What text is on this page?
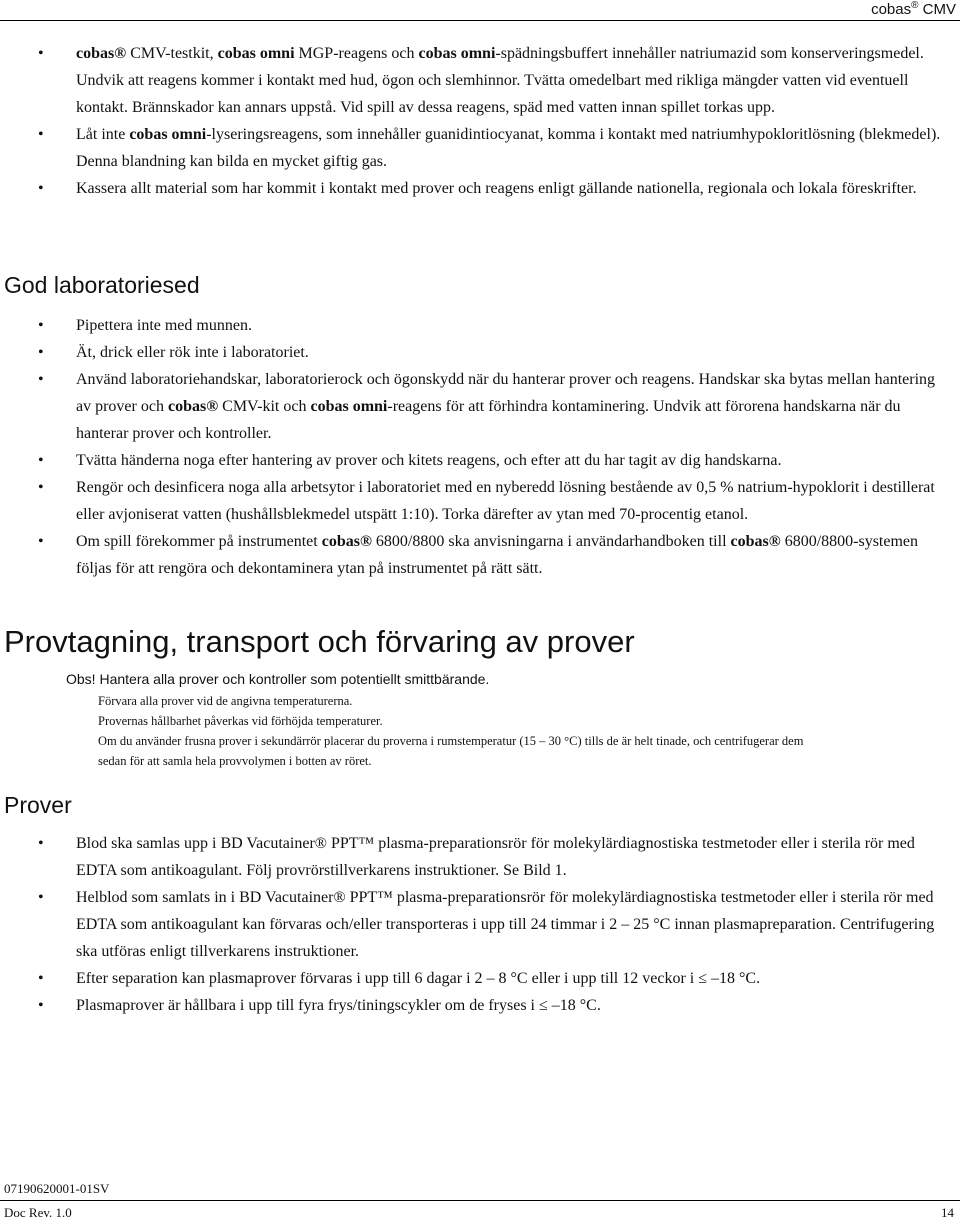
cobas® CMV
• cobas® CMV-testkit, cobas omni MGP-reagens och cobas omni-spädningsbuffert innehåller natriumazid som konserveringsmedel. Undvik att reagens kommer i kontakt med hud, ögon och slemhinnor. Tvätta omedelbart med rikliga mängder vatten vid eventuell kontakt. Brännskador kan annars uppstå. Vid spill av dessa reagens, späd med vatten innan spillet torkas upp.
• Låt inte cobas omni-lyseringsreagens, som innehåller guanidintiocyanat, komma i kontakt med natriumhypokloritlösning (blekmedel). Denna blandning kan bilda en mycket giftig gas.
• Kassera allt material som har kommit i kontakt med prover och reagens enligt gällande nationella, regionala och lokala föreskrifter.
God laboratoriesed
• Pipettera inte med munnen.
• Ät, drick eller rök inte i laboratoriet.
• Använd laboratoriehandskar, laboratorierock och ögonskydd när du hanterar prover och reagens. Handskar ska bytas mellan hantering av prover och cobas® CMV-kit och cobas omni-reagens för att förhindra kontaminering. Undvik att förorena handskarna när du hanterar prover och kontroller.
• Tvätta händerna noga efter hantering av prover och kitets reagens, och efter att du har tagit av dig handskarna.
• Rengör och desinficera noga alla arbetsytor i laboratoriet med en nyberedd lösning bestående av 0,5 % natrium-hypoklorit i destillerat eller avjoniserat vatten (hushållsblekmedel utspätt 1:10). Torka därefter av ytan med 70-procentig etanol.
• Om spill förekommer på instrumentet cobas® 6800/8800 ska anvisningarna i användarhandboken till cobas® 6800/8800-systemen följas för att rengöra och dekontaminera ytan på instrumentet på rätt sätt.
Provtagning, transport och förvaring av prover
Obs! Hantera alla prover och kontroller som potentiellt smittbärande.

Förvara alla prover vid de angivna temperaturerna.

Provernas hållbarhet påverkas vid förhöjda temperaturer.

Om du använder frusna prover i sekundärrör placerar du proverna i rumstemperatur (15 – 30 °C) tills de är helt tinade, och centrifugerar dem sedan för att samla hela provvolymen i botten av röret.

Prover
• Blod ska samlas upp i BD Vacutainer® PPT™ plasma-preparationsrör för molekylärdiagnostiska testmetoder eller i sterila rör med EDTA som antikoagulant. Följ provrörstillverkarens instruktioner. Se Bild 1.
• Helblod som samlats in i BD Vacutainer® PPT™ plasma-preparationsrör för molekylärdiagnostiska testmetoder eller i sterila rör med EDTA som antikoagulant kan förvaras och/eller transporteras i upp till 24 timmar i 2 – 25 °C innan plasmapreparation. Centrifugering ska utföras enligt tillverkarens instruktioner.
• Efter separation kan plasmaprover förvaras i upp till 6 dagar i 2 – 8 °C eller i upp till 12 veckor i ≤ –18 °C.
• Plasmaprover är hållbara i upp till fyra frys/tiningscykler om de fryses i ≤ –18 °C.
07190620001-01SV
Doc Rev. 1.0	14
